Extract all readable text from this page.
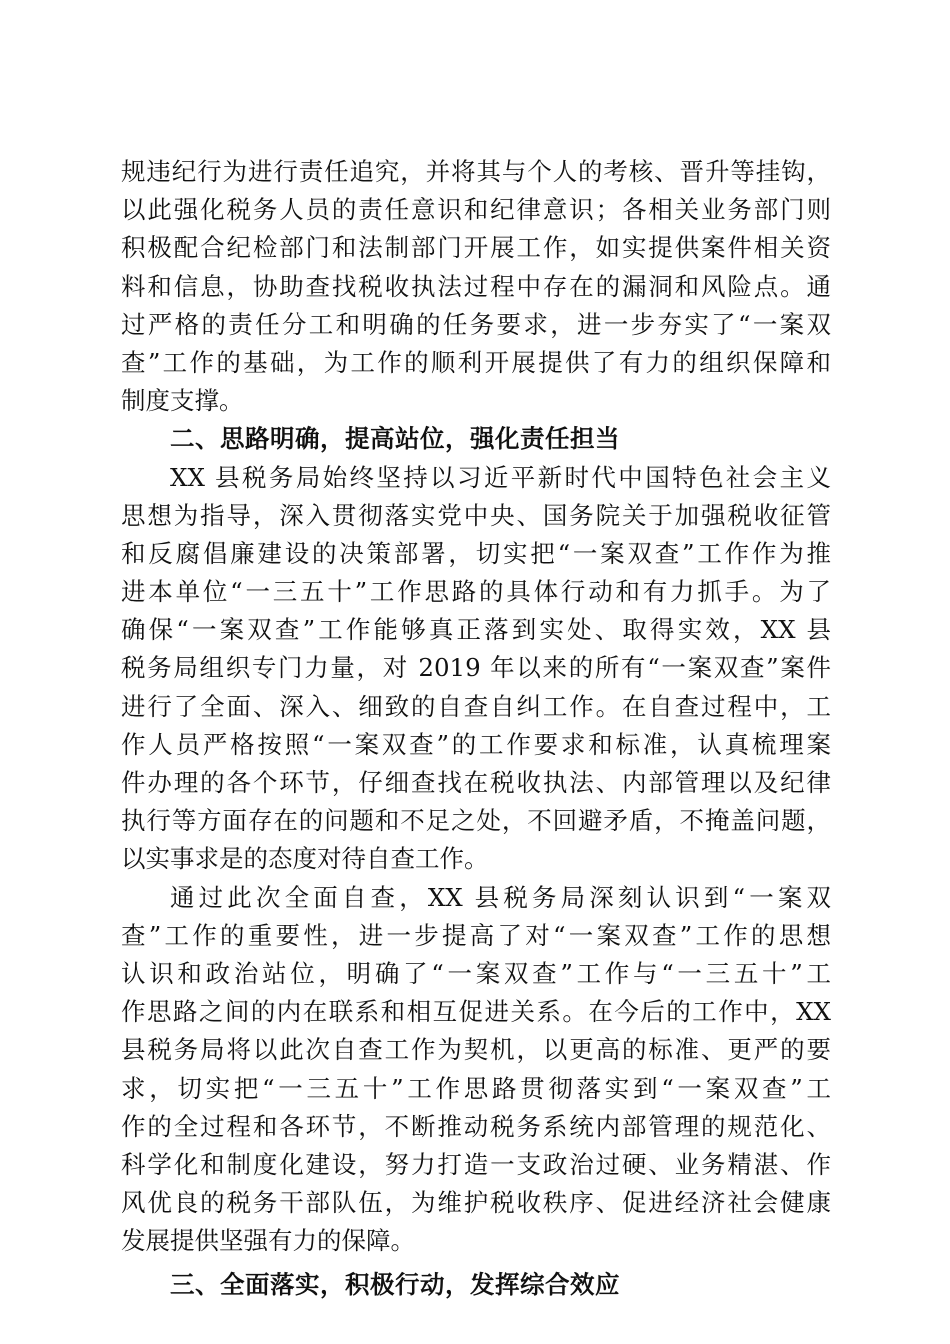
规违纪行为进行责任追究，并将其与个人的考核、晋升等挂钩，
以此强化税务人员的责任意识和纪律意识；各相关业务部门则
积极配合纪检部门和法制部门开展工作，如实提供案件相关资
料和信息，协助查找税收执法过程中存在的漏洞和风险点。通
过严格的责任分工和明确的任务要求，进一步夯实了“一案双
查”工作的基础，为工作的顺利开展提供了有力的组织保障和
制度支撑。
二、思路明确，提高站位，强化责任担当
XX 县税务局始终坚持以习近平新时代中国特色社会主义
思想为指导，深入贯彻落实党中央、国务院关于加强税收征管
和反腐倡廉建设的决策部署，切实把“一案双查”工作作为推
进本单位“一三五十”工作思路的具体行动和有力抓手。为了
确保“一案双查”工作能够真正落到实处、取得实效，XX 县
税务局组织专门力量，对 2019 年以来的所有“一案双查”案件
进行了全面、深入、细致的自查自纠工作。在自查过程中，工
作人员严格按照“一案双查”的工作要求和标准，认真梳理案
件办理的各个环节，仔细查找在税收执法、内部管理以及纪律
执行等方面存在的问题和不足之处，不回避矛盾，不掩盖问题，
以实事求是的态度对待自查工作。
通过此次全面自查，XX 县税务局深刻认识到“一案双
查”工作的重要性，进一步提高了对“一案双查”工作的思想
认识和政治站位，明确了“一案双查”工作与“一三五十”工
作思路之间的内在联系和相互促进关系。在今后的工作中，XX
县税务局将以此次自查工作为契机，以更高的标准、更严的要
求，切实把“一三五十”工作思路贯彻落实到“一案双查”工
作的全过程和各环节，不断推动税务系统内部管理的规范化、
科学化和制度化建设，努力打造一支政治过硬、业务精湛、作
风优良的税务干部队伍，为维护税收秩序、促进经济社会健康
发展提供坚强有力的保障。
三、全面落实，积极行动，发挥综合效应
